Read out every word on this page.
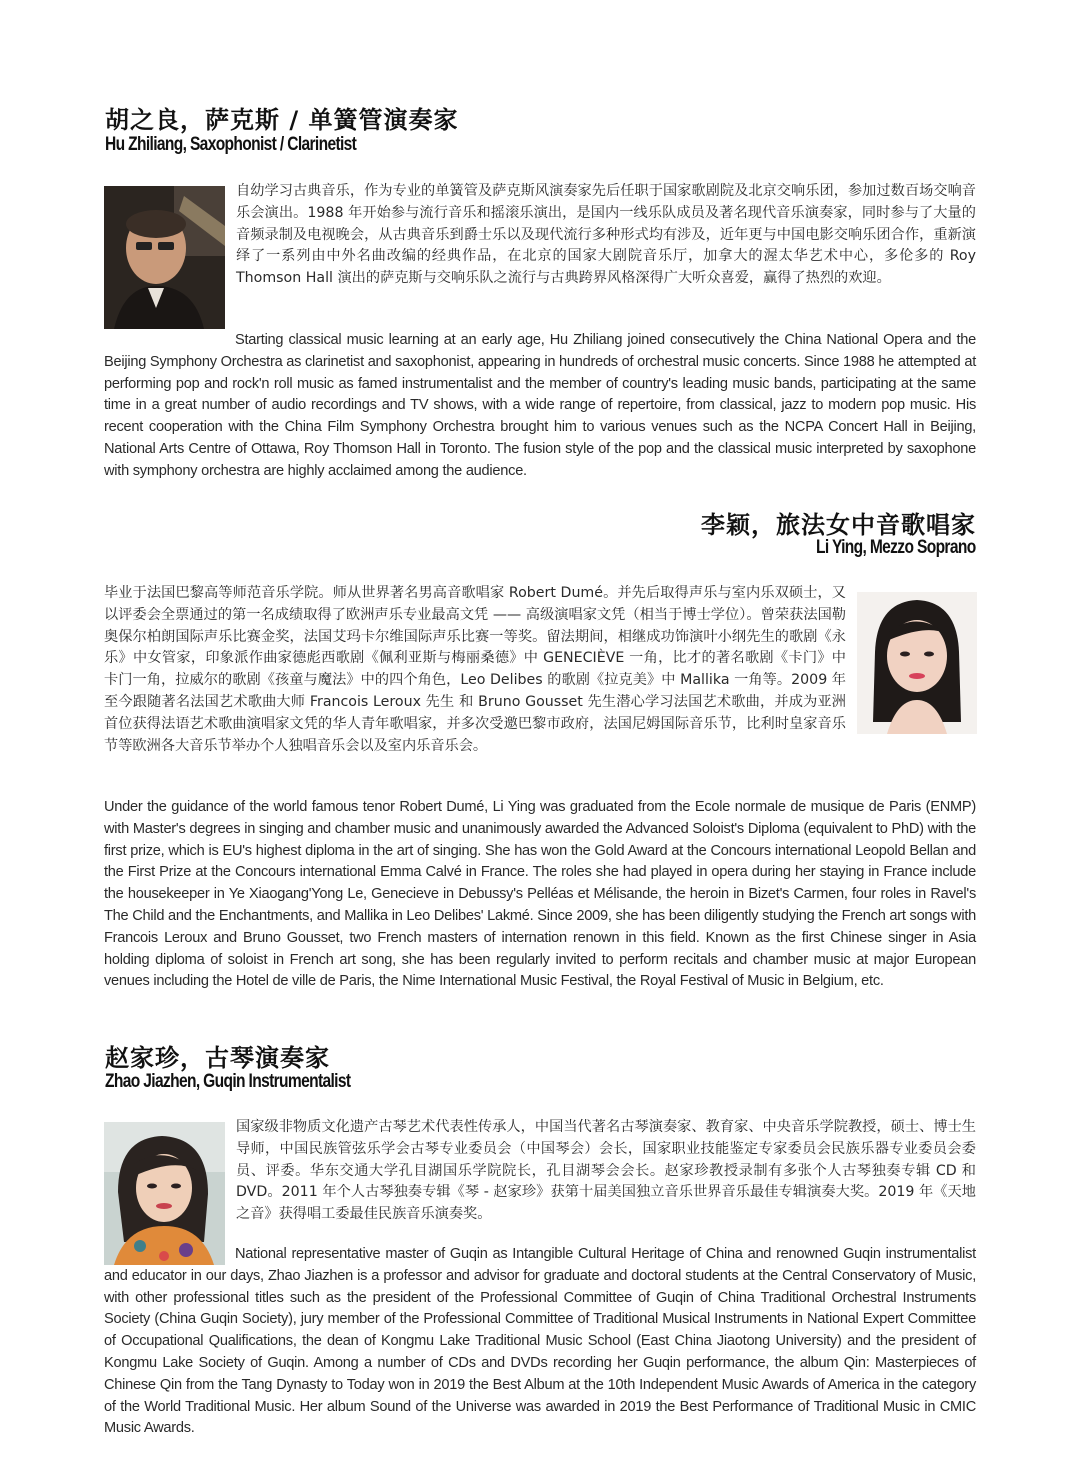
胡之良，萨克斯 / 单簧管演奏家
Hu Zhiliang, Saxophonist / Clarinetist

自幼学习古典音乐，作为专业的单簧管及萨克斯风演奏家先后任职于国家歌剧院及北京交响乐团，参加过数百场交响音乐会演出。1988 年开始参与流行音乐和摇滚乐演出，是国内一线乐队成员及著名现代音乐演奏家，同时参与了大量的音频录制及电视晚会，从古典音乐到爵士乐以及现代流行多种形式均有涉及，近年更与中国电影交响乐团合作，重新演绎了一系列由中外名曲改编的经典作品，在北京的国家大剧院音乐厅，加拿大的渥太华艺术中心，多伦多的 Roy Thomson Hall 演出的萨克斯与交响乐队之流行与古典跨界风格深得广大听众喜爱，赢得了热烈的欢迎。

Starting classical music learning at an early age, Hu Zhiliang joined consecutively the China National Opera and the Beijing Symphony Orchestra as clarinetist and saxophonist, appearing in hundreds of orchestral music concerts. Since 1988 he attempted at performing pop and rock'n roll music as famed instrumentalist and the member of country's leading music bands, participating at the same time in a great number of audio recordings and TV shows, with a wide range of repertoire, from classical, jazz to modern pop music. His recent cooperation with the China Film Symphony Orchestra brought him to various venues such as the NCPA Concert Hall in Beijing, National Arts Centre of Ottawa, Roy Thomson Hall in Toronto. The fusion style of the pop and the classical music interpreted by saxophone with symphony orchestra are highly acclaimed among the audience.

李颖，旅法女中音歌唱家
Li Ying, Mezzo Soprano

毕业于法国巴黎高等师范音乐学院。师从世界著名男高音歌唱家 Robert Dumé。并先后取得声乐与室内乐双硕士，又以评委会全票通过的第一名成绩取得了欧洲声乐专业最高文凭 —— 高级演唱家文凭（相当于博士学位）。曾荣获法国勒奥保尔柏朗国际声乐比赛金奖，法国艾玛卡尔维国际声乐比赛一等奖。留法期间，相继成功饰演叶小纲先生的歌剧《永乐》中女管家，印象派作曲家德彪西歌剧《佩利亚斯与梅丽桑德》中 GENECIÈVE 一角，比才的著名歌剧《卡门》中卡门一角，拉威尔的歌剧《孩童与魔法》中的四个角色，Leo Delibes 的歌剧《拉克美》中 Mallika 一角等。2009 年至今跟随著名法国艺术歌曲大师 Francois Leroux 先生 和 Bruno Gousset 先生潜心学习法国艺术歌曲，并成为亚洲首位获得法语艺术歌曲演唱家文凭的华人青年歌唱家，并多次受邀巴黎市政府，法国尼姆国际音乐节，比利时皇家音乐节等欧洲各大音乐节举办个人独唱音乐会以及室内乐音乐会。

Under the guidance of the world famous tenor Robert Dumé, Li Ying was graduated from the Ecole normale de musique de Paris (ENMP) with Master's degrees in singing and chamber music and unanimously awarded the Advanced Soloist's Diploma (equivalent to PhD) with the first prize, which is EU's highest diploma in the art of singing. She has won the Gold Award at the Concours international Leopold Bellan and the First Prize at the Concours international Emma Calvé in France. The roles she had played in opera during her staying in France include the housekeeper in Ye Xiaogang'Yong Le, Genecieve in Debussy's Pelléas et Mélisande, the heroin in Bizet's Carmen, four roles in Ravel's The Child and the Enchantments, and Mallika in Leo Delibes' Lakmé. Since 2009, she has been diligently studying the French art songs with Francois Leroux and Bruno Gousset, two French masters of internation renown in this field. Known as the first Chinese singer in Asia holding diploma of soloist in French art song, she has been regularly invited to perform recitals and chamber music at major European venues including the Hotel de ville de Paris, the Nime International Music Festival, the Royal Festival of Music in Belgium, etc.

赵家珍，古琴演奏家
Zhao Jiazhen, Guqin Instrumentalist

国家级非物质文化遗产古琴艺术代表性传承人，中国当代著名古琴演奏家、教育家、中央音乐学院教授，硕士、博士生导师，中国民族管弦乐学会古琴专业委员会（中国琴会）会长，国家职业技能鉴定专家委员会民族乐器专业委员会委员、评委。华东交通大学孔目湖国乐学院院长，孔目湖琴会会长。赵家珍教授录制有多张个人古琴独奏专辑 CD 和 DVD。2011 年个人古琴独奏专辑《琴 - 赵家珍》获第十届美国独立音乐世界音乐最佳专辑演奏大奖。2019 年《天地之音》获得唱工委最佳民族音乐演奏奖。

National representative master of Guqin as Intangible Cultural Heritage of China and renowned Guqin instrumentalist and educator in our days, Zhao Jiazhen is a professor and advisor for graduate and doctoral students at the Central Conservatory of Music, with other professional titles such as the president of the Professional Committee of Guqin of China Traditional Orchestral Instruments Society (China Guqin Society), jury member of the Professional Committee of Traditional Musical Instruments in National Expert Committee of Occupational Qualifications, the dean of Kongmu Lake Traditional Music School (East China Jiaotong University) and the president of Kongmu Lake Society of Guqin. Among a number of CDs and DVDs recording her Guqin performance, the album Qin: Masterpieces of Chinese Qin from the Tang Dynasty to Today won in 2019 the Best Album at the 10th Independent Music Awards of America in the category of the World Traditional Music. Her album Sound of the Universe was awarded in 2019 the Best Performance of Traditional Music in CMIC Music Awards.
